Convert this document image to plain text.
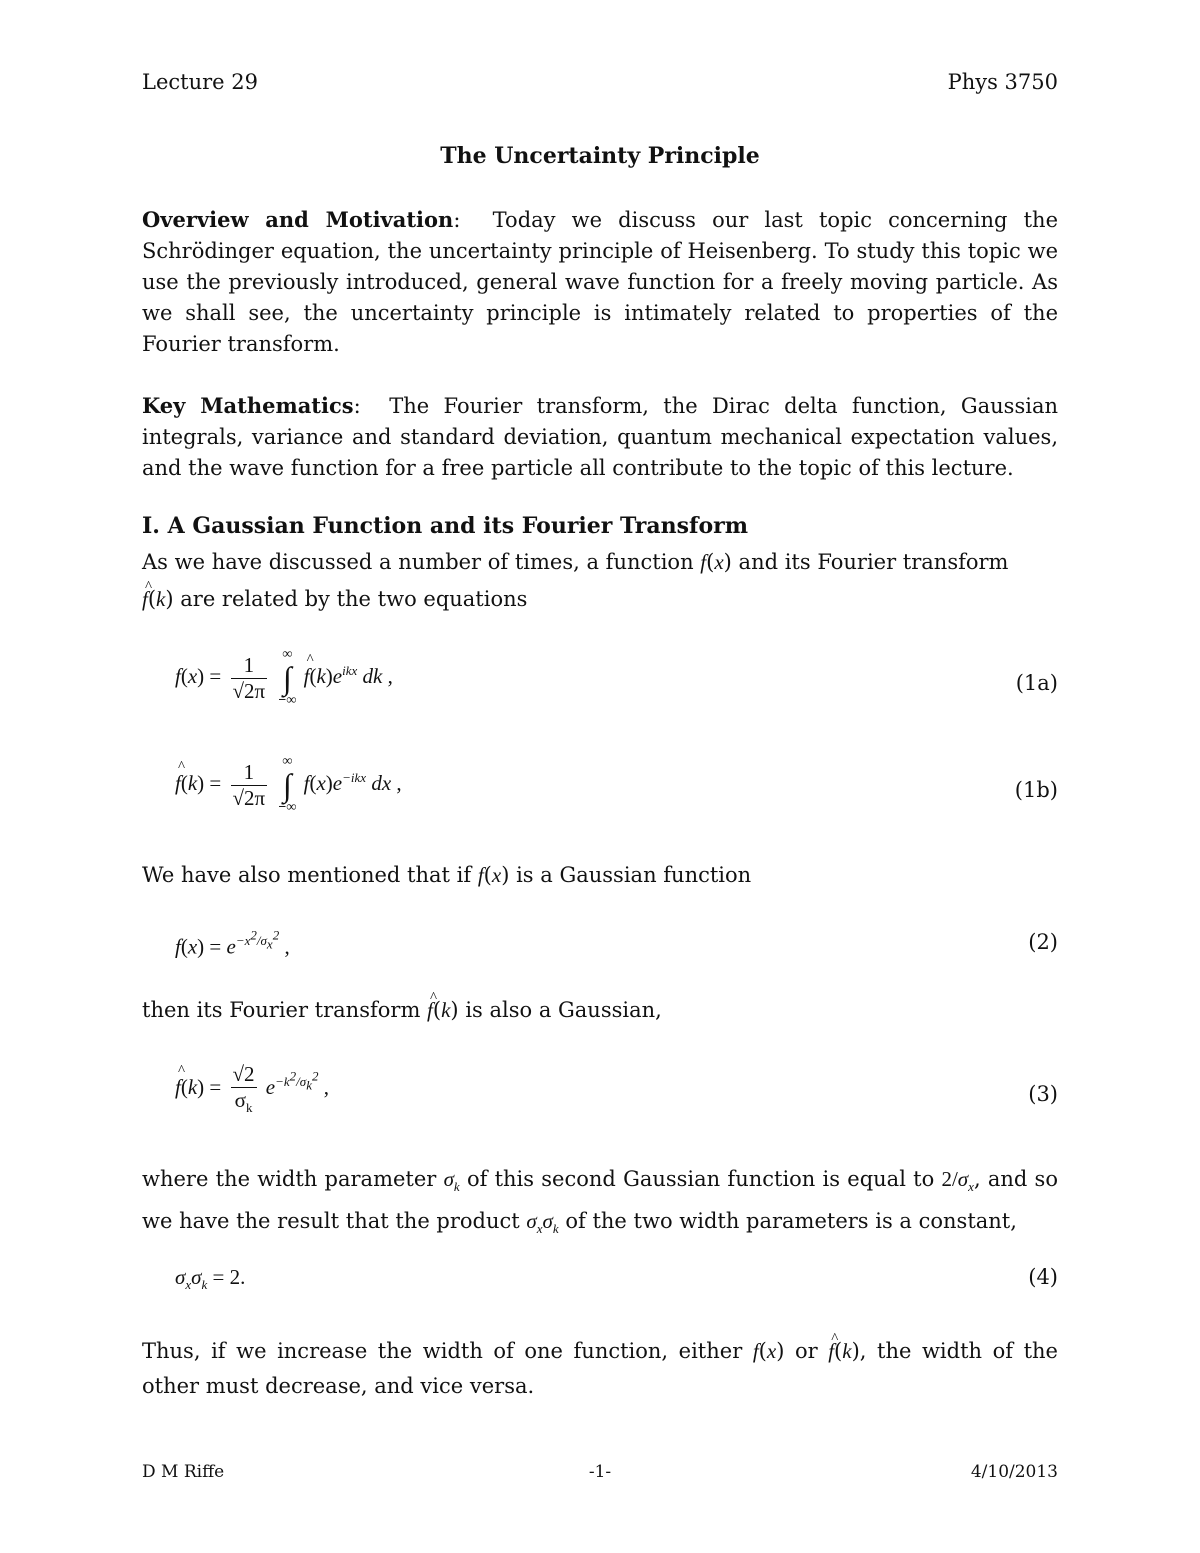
Lecture 29	Phys 3750
The Uncertainty Principle
Overview and Motivation:  Today we discuss our last topic concerning the Schrödinger equation, the uncertainty principle of Heisenberg. To study this topic we use the previously introduced, general wave function for a freely moving particle. As we shall see, the uncertainty principle is intimately related to properties of the Fourier transform.
Key Mathematics:  The Fourier transform, the Dirac delta function, Gaussian integrals, variance and standard deviation, quantum mechanical expectation values, and the wave function for a free particle all contribute to the topic of this lecture.
I. A Gaussian Function and its Fourier Transform
As we have discussed a number of times, a function f(x) and its Fourier transform
^ f(k) are related by the two equations
$f(x) = \frac{1}{√2\pi}$
∞
∫
−∞
^ $f(k)e^{ikx}$ dk ,	(1a)
^ $f(k) = \frac{1}{√2\pi}$
∞
∫
−∞
$f(x)e^{-ikx}$ dx ,	(1b)
We have also mentioned that if f(x) is a Gaussian function
$f(x) = e^{-x^2/\sigma_x^2}$ ,	(2)
then its Fourier transform ^ f(k) is also a Gaussian,
^ $f(k) = \frac{√2}{\sigma_k} e^{-k^2/\sigma_k^2}$ ,	(3)
where the width parameter $\sigma_k$ of this second Gaussian function is equal to $2/\sigma_x$, and so we have the result that the product $\sigma_x\sigma_k$ of the two width parameters is a constant,
$\sigma_x\sigma_k = 2$.	(4)
Thus, if we increase the width of one function, either f(x) or ^ f(k), the width of the other must decrease, and vice versa.
D M Riffe	-1-	4/10/2013
